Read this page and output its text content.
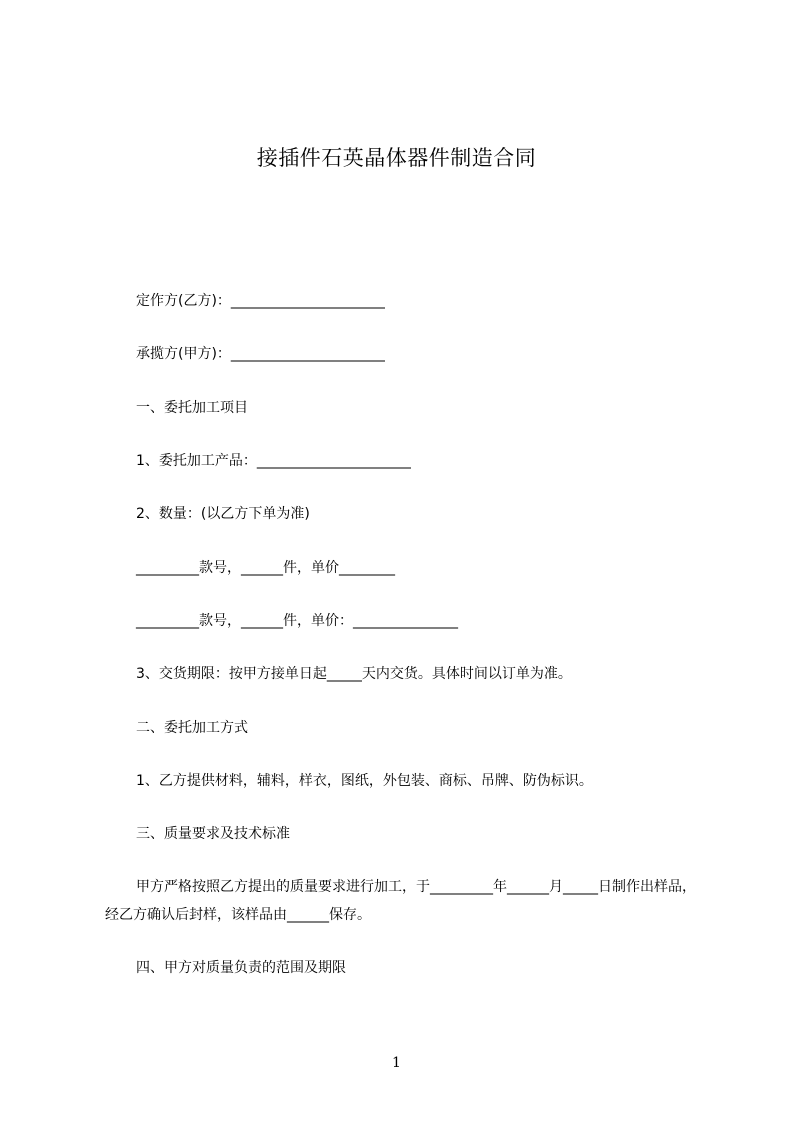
接插件石英晶体器件制造合同
定作方(乙方)：______________________
承揽方(甲方)：______________________
一、委托加工项目
1、委托加工产品：______________________
2、数量：(以乙方下单为准)
_________款号，______件，单价________
_________款号，______件，单价：_______________
3、交货期限：按甲方接单日起_____天内交货。具体时间以订单为准。
二、委托加工方式
1、乙方提供材料，辅料，样衣，图纸，外包装、商标、吊牌、防伪标识。
三、质量要求及技术标准
甲方严格按照乙方提出的质量要求进行加工，于_________年______月_____日制作出样品，经乙方确认后封样，该样品由______保存。
四、甲方对质量负责的范围及期限
1
